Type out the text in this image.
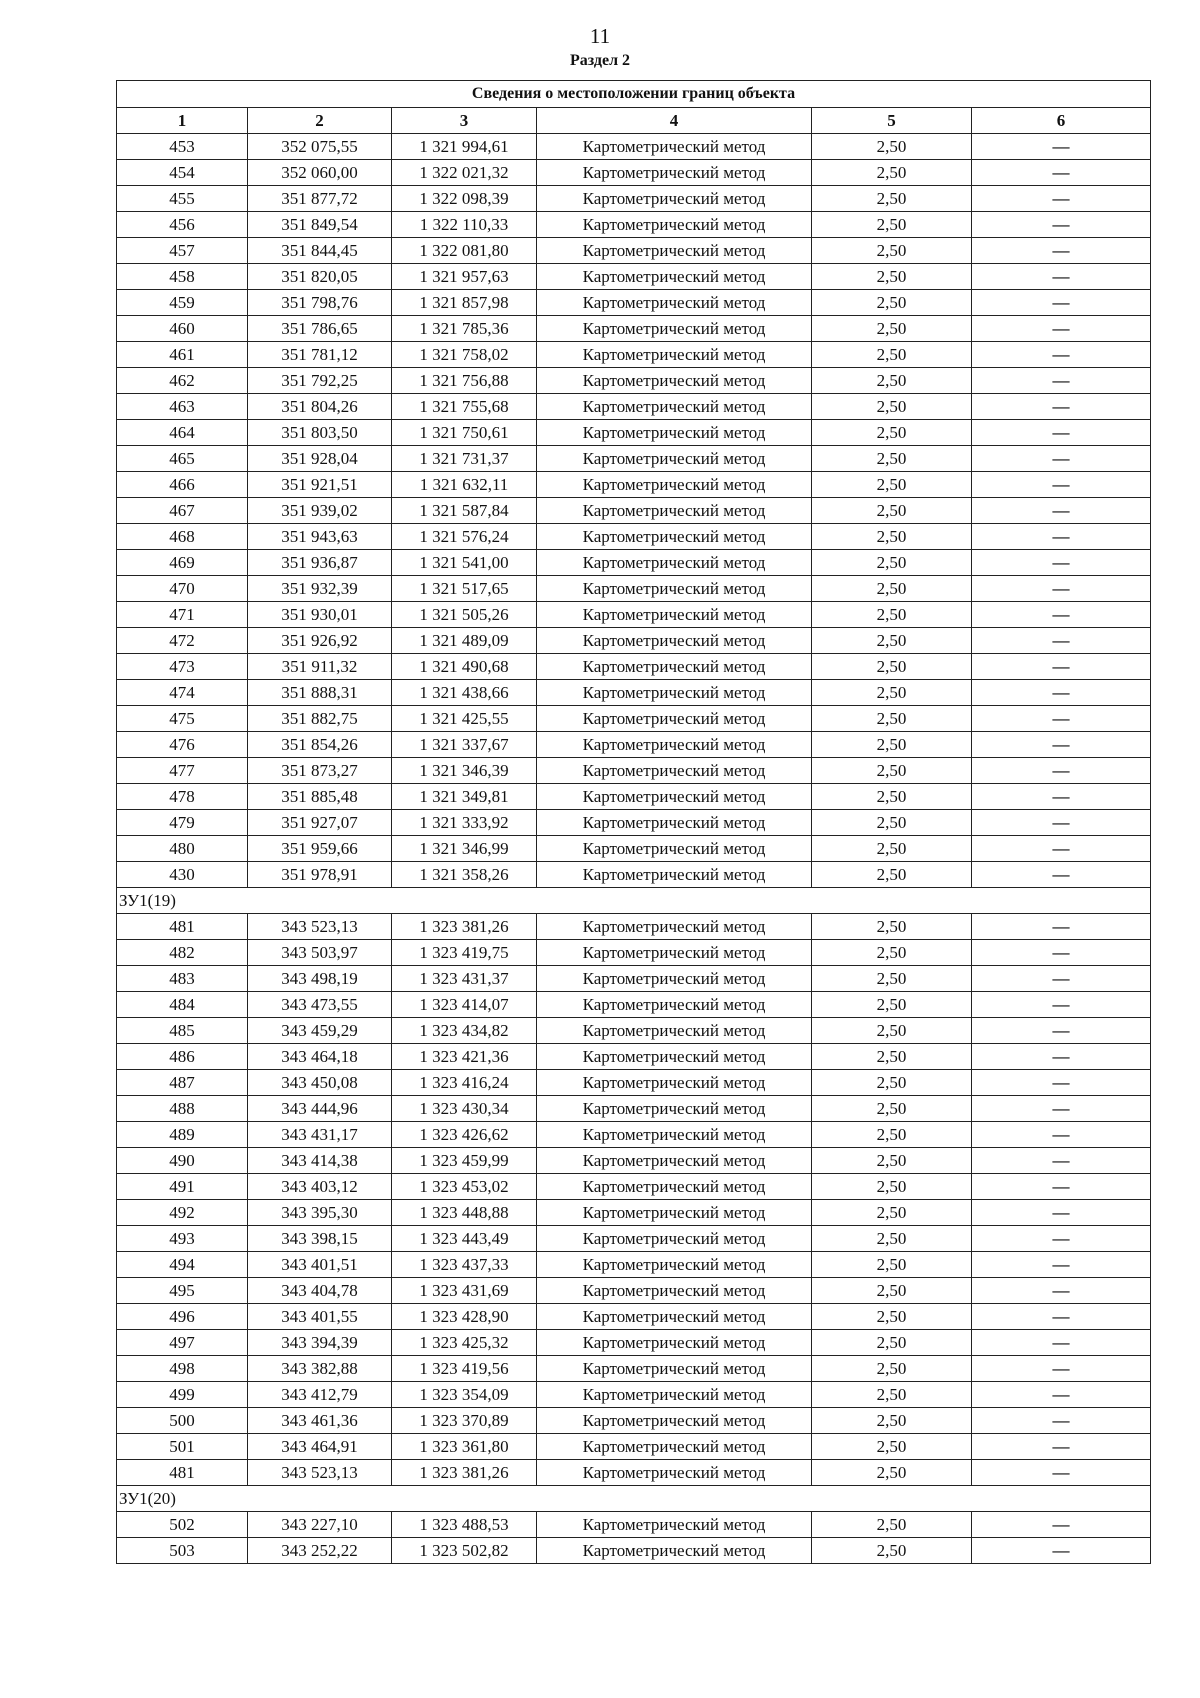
11
Раздел 2
Сведения о местоположении границ объекта					
1	2	3	4	5	6
453	352 075,55	1 321 994,61	Картометрический метод	2,50	—
454	352 060,00	1 322 021,32	Картометрический метод	2,50	—
455	351 877,72	1 322 098,39	Картометрический метод	2,50	—
456	351 849,54	1 322 110,33	Картометрический метод	2,50	—
457	351 844,45	1 322 081,80	Картометрический метод	2,50	—
458	351 820,05	1 321 957,63	Картометрический метод	2,50	—
459	351 798,76	1 321 857,98	Картометрический метод	2,50	—
460	351 786,65	1 321 785,36	Картометрический метод	2,50	—
461	351 781,12	1 321 758,02	Картометрический метод	2,50	—
462	351 792,25	1 321 756,88	Картометрический метод	2,50	—
463	351 804,26	1 321 755,68	Картометрический метод	2,50	—
464	351 803,50	1 321 750,61	Картометрический метод	2,50	—
465	351 928,04	1 321 731,37	Картометрический метод	2,50	—
466	351 921,51	1 321 632,11	Картометрический метод	2,50	—
467	351 939,02	1 321 587,84	Картометрический метод	2,50	—
468	351 943,63	1 321 576,24	Картометрический метод	2,50	—
469	351 936,87	1 321 541,00	Картометрический метод	2,50	—
470	351 932,39	1 321 517,65	Картометрический метод	2,50	—
471	351 930,01	1 321 505,26	Картометрический метод	2,50	—
472	351 926,92	1 321 489,09	Картометрический метод	2,50	—
473	351 911,32	1 321 490,68	Картометрический метод	2,50	—
474	351 888,31	1 321 438,66	Картометрический метод	2,50	—
475	351 882,75	1 321 425,55	Картометрический метод	2,50	—
476	351 854,26	1 321 337,67	Картометрический метод	2,50	—
477	351 873,27	1 321 346,39	Картометрический метод	2,50	—
478	351 885,48	1 321 349,81	Картометрический метод	2,50	—
479	351 927,07	1 321 333,92	Картометрический метод	2,50	—
480	351 959,66	1 321 346,99	Картометрический метод	2,50	—
430	351 978,91	1 321 358,26	Картометрический метод	2,50	—
ЗУ1(19)					
481	343 523,13	1 323 381,26	Картометрический метод	2,50	—
482	343 503,97	1 323 419,75	Картометрический метод	2,50	—
483	343 498,19	1 323 431,37	Картометрический метод	2,50	—
484	343 473,55	1 323 414,07	Картометрический метод	2,50	—
485	343 459,29	1 323 434,82	Картометрический метод	2,50	—
486	343 464,18	1 323 421,36	Картометрический метод	2,50	—
487	343 450,08	1 323 416,24	Картометрический метод	2,50	—
488	343 444,96	1 323 430,34	Картометрический метод	2,50	—
489	343 431,17	1 323 426,62	Картометрический метод	2,50	—
490	343 414,38	1 323 459,99	Картометрический метод	2,50	—
491	343 403,12	1 323 453,02	Картометрический метод	2,50	—
492	343 395,30	1 323 448,88	Картометрический метод	2,50	—
493	343 398,15	1 323 443,49	Картометрический метод	2,50	—
494	343 401,51	1 323 437,33	Картометрический метод	2,50	—
495	343 404,78	1 323 431,69	Картометрический метод	2,50	—
496	343 401,55	1 323 428,90	Картометрический метод	2,50	—
497	343 394,39	1 323 425,32	Картометрический метод	2,50	—
498	343 382,88	1 323 419,56	Картометрический метод	2,50	—
499	343 412,79	1 323 354,09	Картометрический метод	2,50	—
500	343 461,36	1 323 370,89	Картометрический метод	2,50	—
501	343 464,91	1 323 361,80	Картометрический метод	2,50	—
481	343 523,13	1 323 381,26	Картометрический метод	2,50	—
ЗУ1(20)					
502	343 227,10	1 323 488,53	Картометрический метод	2,50	—
503	343 252,22	1 323 502,82	Картометрический метод	2,50	—
